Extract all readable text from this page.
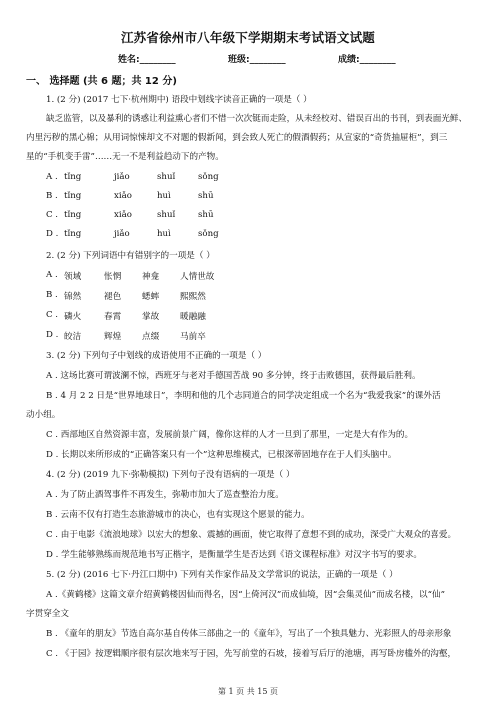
江苏省徐州市八年级下学期期末考试语文试题
姓名:________	班级:________	成绩:________
一、 选择题 (共 6 题；共 12 分)
1. (2 分) (2017 七下·杭州期中) 语段中划线字读音正确的一项是（ ）
缺乏监管，以及暴利的诱惑让利益熏心者们不惜一次次铤而走险，从未经校对、错误百出的书刊，到表面光鲜、
内里污秽的黑心棉；从用词惊悚却文不对题的假新闻，到会致人死亡的假酒假药；从宣家的“奇货抽屉柜”，到三
星的“手机变手雷”……无一不是利益趋动下的产物。
A . tǐng	jiǎo	shuǐ	sǒng
B . tǐng	xiǎo	huì	shū
C . tǐng	xiǎo	shuǐ	shū
D . tǐng	jiǎo	huì	sǒng
2. (2 分) 下列词语中有错别字的一项是（ ）
A . 领域	怅惘 神龛 人情世故
B . 锦然	褪色 蟋蟀 熙熙然
C . 磷火	春霄 掌故 暖融融
D . 皎洁	辉煌 点缀 马前卒
3. (2 分) 下列句子中划线的成语使用不正确的一项是（ ）
A . 这场比赛可谓波澜不惊，西班牙与老对手德国苦战 90 多分钟，终于击败德国，获得最后胜利。
B . 4 月 2 2 日是“世界地球日”，李明和他的几个志同道合的同学决定组成一个名为“我爱我家”的课外活
动小组。
C . 西部地区自然资源丰富，发展前景广阔，像你这样的人才一旦到了那里，一定是大有作为的。
D . 长期以来所形成的“正确答案只有一个”这种思维模式，已根深蒂固地存在于人们头脑中。
4. (2 分) (2019 九下·弥勒模拟) 下列句子没有语病的一项是（ ）
A . 为了防止酒驾事件不再发生，弥勒市加大了巡查整治力度。
B . 云南不仅有打造生态旅游城市的决心，也有实现这个愿景的能力。
C . 由于电影《流浪地球》以宏大的想象、震撼的画面，使它取得了意想不到的成功，深受广大观众的喜爱。
D . 学生能够熟练而规范地书写正楷字，是衡量学生是否达到《语文课程标准》对汉字书写的要求。
5. (2 分) (2016 七下·丹江口期中) 下列有关作家作品及文学常识的说法，正确的一项是（ ）
A .《黄鹤楼》这篇文章介绍黄鹤楼因仙而得名，因“上倚河汉”而成仙境，因“会集灵仙”而成名楼，以“仙”
字贯穿全文
B . 《童年的朋友》节选自高尔基自传体三部曲之一的《童年》，写出了一个独具魅力、光彩照人的母亲形象
C . 《于园》按逻辑顺序很有层次地来写于园，先写前堂的石坡，接着写后厅的池塘，再写卧房槛外的沟壑，
第 1 页 共 15 页
